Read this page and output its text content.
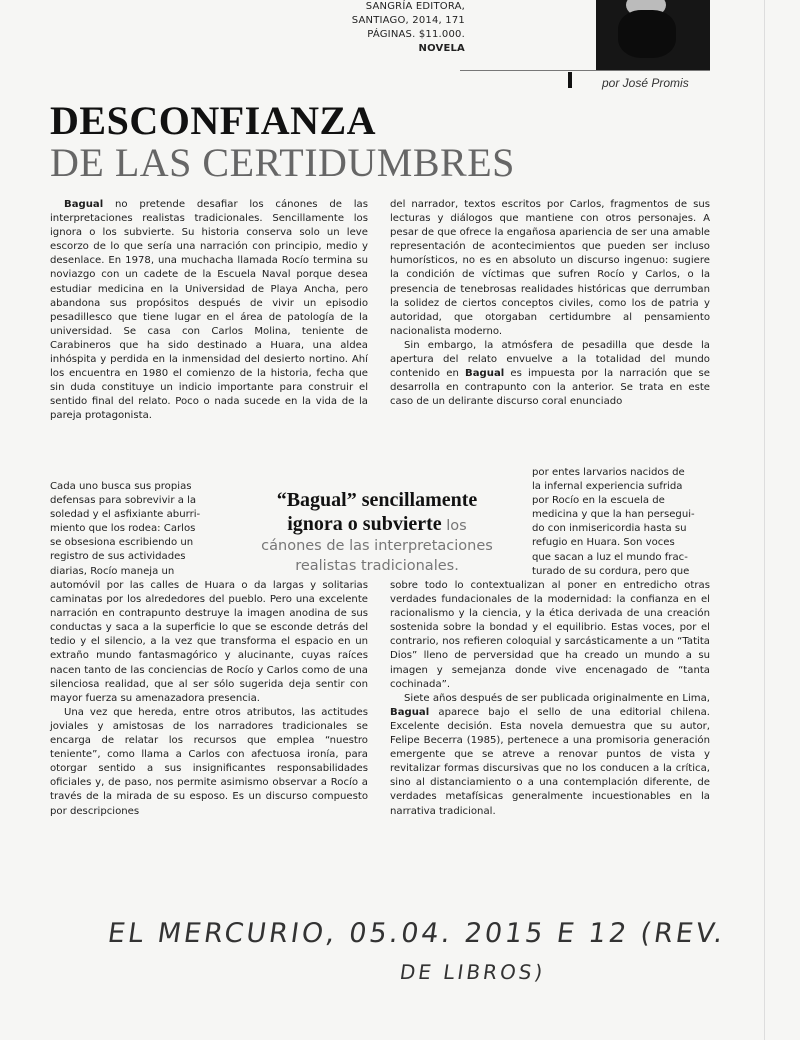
SANGRÍA EDITORA,
SANTIAGO, 2014, 171
PÁGINAS. $11.000.
NOVELA
por José Promis
DESCONFIANZA
DE LAS CERTIDUMBRES

Bagual no pretende desafiar los cánones de las interpretaciones realistas tradicionales. Sencillamente los ignora o los subvierte. Su historia conserva solo un leve escorzo de lo que sería una narración con principio, medio y desenlace. En 1978, una muchacha llamada Rocío termina su noviazgo con un cadete de la Escuela Naval porque desea estudiar medicina en la Universidad de Playa Ancha, pero abandona sus propósitos después de vivir un episodio pesadillesco que tiene lugar en el área de patología de la universidad. Se casa con Carlos Molina, teniente de Carabineros que ha sido destinado a Huara, una aldea inhóspita y perdida en la inmensidad del desierto nortino. Ahí los encuentra en 1980 el comienzo de la historia, fecha que sin duda constituye un indicio importante para construir el sentido final del relato. Poco o nada sucede en la vida de la pareja protagonista.

Cada uno busca sus propias
defensas para sobrevivir a la
soledad y el asfixiante aburri-
miento que los rodea: Carlos
se obsesiona escribiendo un
registro de sus actividades
diarias, Rocío maneja un

automóvil por las calles de Huara o da largas y solitarias caminatas por los alrededores del pueblo. Pero una excelente narración en contrapunto destruye la imagen anodina de sus conductas y saca a la superficie lo que se esconde detrás del tedio y el silencio, a la vez que transforma el espacio en un extraño mundo fantasmagórico y alucinante, cuyas raíces nacen tanto de las conciencias de Rocío y Carlos como de una silenciosa realidad, que al ser sólo sugerida deja sentir con mayor fuerza su amenazadora presencia.

Una vez que hereda, entre otros atributos, las actitudes joviales y amistosas de los narradores tradicionales se encarga de relatar los recursos que emplea “nuestro teniente”, como llama a Carlos con afectuosa ironía, para otorgar sentido a sus insignificantes responsabilidades oficiales y, de paso, nos permite asimismo observar a Rocío a través de la mirada de su esposo. Es un discurso compuesto por descripciones

“Bagual” sencillamente
ignora o subvierte los
cánones de las interpretaciones
realistas tradicionales.

del narrador, textos escritos por Carlos, fragmentos de sus lecturas y diálogos que mantiene con otros personajes. A pesar de que ofrece la engañosa apariencia de ser una amable representación de acontecimientos que pueden ser incluso humorísticos, no es en absoluto un discurso ingenuo: sugiere la condición de víctimas que sufren Rocío y Carlos, o la presencia de tenebrosas realidades históricas que derrumban la solidez de ciertos conceptos civiles, como los de patria y autoridad, que otorgaban certidumbre al pensamiento nacionalista moderno.

Sin embargo, la atmósfera de pesadilla que desde la apertura del relato envuelve a la totalidad del mundo contenido en Bagual es impuesta por la narración que se desarrolla en contrapunto con la anterior. Se trata en este caso de un delirante discurso coral enunciado

por entes larvarios nacidos de
la infernal experiencia sufrida
por Rocío en la escuela de
medicina y que la han persegui-
do con inmisericordia hasta su
refugio en Huara. Son voces
que sacan a luz el mundo frac-
turado de su cordura, pero que

sobre todo lo contextualizan al poner en entredicho otras verdades fundacionales de la modernidad: la confianza en el racionalismo y la ciencia, y la ética derivada de una creación sostenida sobre la bondad y el equilibrio. Estas voces, por el contrario, nos refieren coloquial y sarcásticamente a un “Tatita Dios” lleno de perversidad que ha creado un mundo a su imagen y semejanza donde vive encenagado de “tanta cochinada”.

Siete años después de ser publicada originalmente en Lima, Bagual aparece bajo el sello de una editorial chilena. Excelente decisión. Esta novela demuestra que su autor, Felipe Becerra (1985), pertenece a una promisoria generación emergente que se atreve a renovar puntos de vista y revitalizar formas discursivas que no los conducen a la crítica, sino al distanciamiento o a una contemplación diferente, de verdades metafísicas generalmente incuestionables en la narrativa tradicional.

EL MERCURIO, 05.04. 2015 E 12 (REV.
DE LIBROS)
